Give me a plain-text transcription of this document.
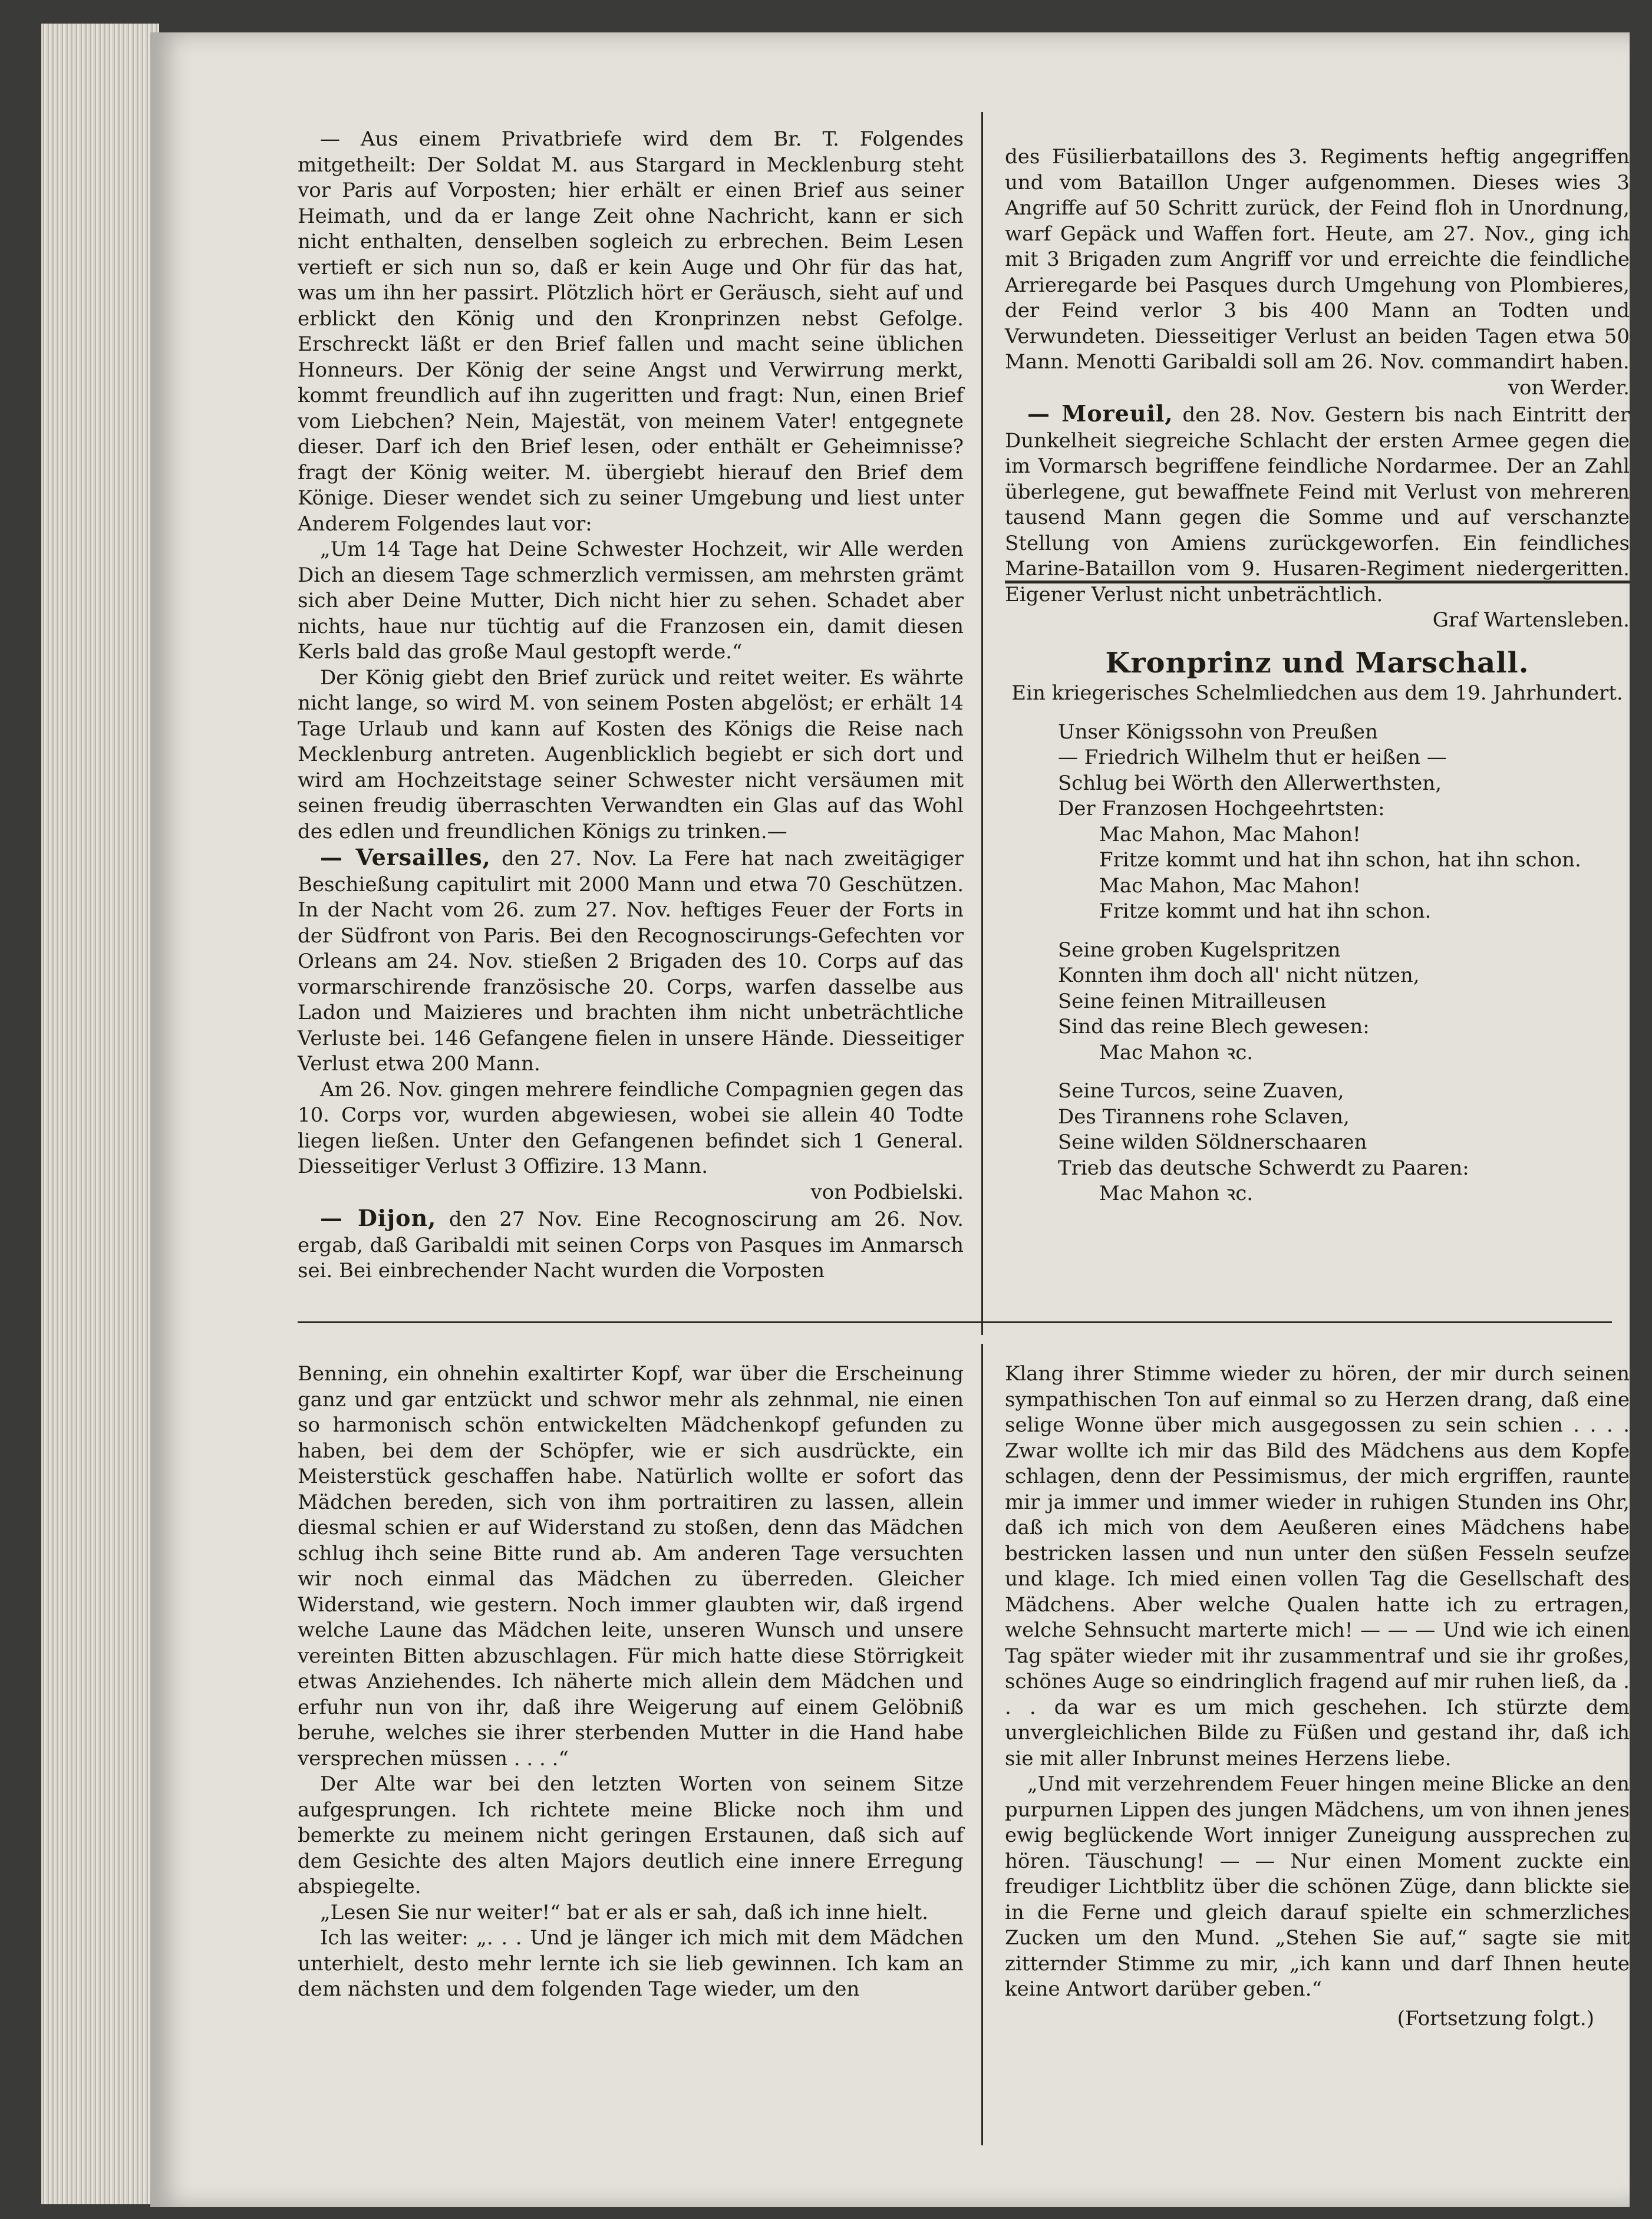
— Aus einem Privatbriefe wird dem Br. T. Folgendes mitgetheilt: Der Soldat M. aus Stargard in Mecklenburg steht vor Paris auf Vorposten; hier erhält er einen Brief aus seiner Heimath, und da er lange Zeit ohne Nachricht, kann er sich nicht enthalten, denselben sogleich zu erbrechen. Beim Lesen vertieft er sich nun so, daß er kein Auge und Ohr für das hat, was um ihn her passirt. Plötzlich hört er Geräusch, sieht auf und erblickt den König und den Kronprinzen nebst Gefolge. Erschreckt läßt er den Brief fallen und macht seine üblichen Honneurs. Der König der seine Angst und Verwirrung merkt, kommt freundlich auf ihn zugeritten und fragt: Nun, einen Brief vom Liebchen? Nein, Majestät, von meinem Vater! entgegnete dieser. Darf ich den Brief lesen, oder enthält er Geheimnisse? fragt der König weiter. M. übergiebt hierauf den Brief dem Könige. Dieser wendet sich zu seiner Umgebung und liest unter Anderem Folgendes laut vor:

„Um 14 Tage hat Deine Schwester Hochzeit, wir Alle werden Dich an diesem Tage schmerzlich vermissen, am mehrsten grämt sich aber Deine Mutter, Dich nicht hier zu sehen. Schadet aber nichts, haue nur tüchtig auf die Franzosen ein, damit diesen Kerls bald das große Maul gestopft werde.“

Der König giebt den Brief zurück und reitet weiter. Es währte nicht lange, so wird M. von seinem Posten abgelöst; er erhält 14 Tage Urlaub und kann auf Kosten des Königs die Reise nach Mecklenburg antreten. Augenblicklich begiebt er sich dort und wird am Hochzeitstage seiner Schwester nicht versäumen mit seinen freudig überraschten Verwandten ein Glas auf das Wohl des edlen und freundlichen Königs zu trinken.—

— Versailles, den 27. Nov. La Fere hat nach zweitägiger Beschießung capitulirt mit 2000 Mann und etwa 70 Geschützen. In der Nacht vom 26. zum 27. Nov. heftiges Feuer der Forts in der Südfront von Paris. Bei den Recognoscirungs-Gefechten vor Orleans am 24. Nov. stießen 2 Brigaden des 10. Corps auf das vormarschirende französische 20. Corps, warfen dasselbe aus Ladon und Maizieres und brachten ihm nicht unbeträchtliche Verluste bei. 146 Gefangene fielen in unsere Hände. Diesseitiger Verlust etwa 200 Mann.

Am 26. Nov. gingen mehrere feindliche Compagnien gegen das 10. Corps vor, wurden abgewiesen, wobei sie allein 40 Todte liegen ließen. Unter den Gefangenen befindet sich 1 General. Diesseitiger Verlust 3 Offizire. 13 Mann.

von Podbielski.

— Dijon, den 27 Nov. Eine Recognoscirung am 26. Nov. ergab, daß Garibaldi mit seinen Corps von Pasques im Anmarsch sei. Bei einbrechender Nacht wurden die Vorposten

des Füsilierbataillons des 3. Regiments heftig angegriffen und vom Bataillon Unger aufgenommen. Dieses wies 3 Angriffe auf 50 Schritt zurück, der Feind floh in Unordnung, warf Gepäck und Waffen fort. Heute, am 27. Nov., ging ich mit 3 Brigaden zum Angriff vor und erreichte die feindliche Arrieregarde bei Pasques durch Umgehung von Plombieres, der Feind verlor 3 bis 400 Mann an Todten und Verwundeten. Diesseitiger Verlust an beiden Tagen etwa 50 Mann. Menotti Garibaldi soll am 26. Nov. commandirt haben.

von Werder.

— Moreuil, den 28. Nov. Gestern bis nach Eintritt der Dunkelheit siegreiche Schlacht der ersten Armee gegen die im Vormarsch begriffene feindliche Nordarmee. Der an Zahl überlegene, gut bewaffnete Feind mit Verlust von mehreren tausend Mann gegen die Somme und auf verschanzte Stellung von Amiens zurückgeworfen. Ein feindliches Marine-Bataillon vom 9. Husaren-Regiment niedergeritten. Eigener Verlust nicht unbeträchtlich.

Graf Wartensleben.
Kronprinz und Marschall.

Ein kriegerisches Schelmliedchen aus dem 19. Jahrhundert.

Unser Königssohn von Preußen
— Friedrich Wilhelm thut er heißen —
Schlug bei Wörth den Allerwerthsten,
Der Franzosen Hochgeehrtsten:
Mac Mahon, Mac Mahon!
Fritze kommt und hat ihn schon, hat ihn schon.
Mac Mahon, Mac Mahon!
Fritze kommt und hat ihn schon.
Seine groben Kugelspritzen
Konnten ihm doch all' nicht nützen,
Seine feinen Mitrailleusen
Sind das reine Blech gewesen:
Mac Mahon ꝛc.
Seine Turcos, seine Zuaven,
Des Tirannens rohe Sclaven,
Seine wilden Söldnerschaaren
Trieb das deutsche Schwerdt zu Paaren:
Mac Mahon ꝛc.

Benning, ein ohnehin exaltirter Kopf, war über die Erscheinung ganz und gar entzückt und schwor mehr als zehnmal, nie einen so harmonisch schön entwickelten Mädchenkopf gefunden zu haben, bei dem der Schöpfer, wie er sich ausdrückte, ein Meisterstück geschaffen habe. Natürlich wollte er sofort das Mädchen bereden, sich von ihm portraitiren zu lassen, allein diesmal schien er auf Widerstand zu stoßen, denn das Mädchen schlug ihch seine Bitte rund ab. Am anderen Tage versuchten wir noch einmal das Mädchen zu überreden. Gleicher Widerstand, wie gestern. Noch immer glaubten wir, daß irgend welche Laune das Mädchen leite, unseren Wunsch und unsere vereinten Bitten abzuschlagen. Für mich hatte diese Störrigkeit etwas Anziehendes. Ich näherte mich allein dem Mädchen und erfuhr nun von ihr, daß ihre Weigerung auf einem Gelöbniß beruhe, welches sie ihrer sterbenden Mutter in die Hand habe versprechen müssen . . . .“

Der Alte war bei den letzten Worten von seinem Sitze aufgesprungen. Ich richtete meine Blicke noch ihm und bemerkte zu meinem nicht geringen Erstaunen, daß sich auf dem Gesichte des alten Majors deutlich eine innere Erregung abspiegelte.

„Lesen Sie nur weiter!“ bat er als er sah, daß ich inne hielt.

Ich las weiter: „. . . Und je länger ich mich mit dem Mädchen unterhielt, desto mehr lernte ich sie lieb gewinnen. Ich kam an dem nächsten und dem folgenden Tage wieder, um den

Klang ihrer Stimme wieder zu hören, der mir durch seinen sympathischen Ton auf einmal so zu Herzen drang, daß eine selige Wonne über mich ausgegossen zu sein schien . . . . Zwar wollte ich mir das Bild des Mädchens aus dem Kopfe schlagen, denn der Pessimismus, der mich ergriffen, raunte mir ja immer und immer wieder in ruhigen Stunden ins Ohr, daß ich mich von dem Aeußeren eines Mädchens habe bestricken lassen und nun unter den süßen Fesseln seufze und klage. Ich mied einen vollen Tag die Gesellschaft des Mädchens. Aber welche Qualen hatte ich zu ertragen, welche Sehnsucht marterte mich! — — — Und wie ich einen Tag später wieder mit ihr zusammentraf und sie ihr großes, schönes Auge so eindringlich fragend auf mir ruhen ließ, da . . . da war es um mich geschehen. Ich stürzte dem unvergleichlichen Bilde zu Füßen und gestand ihr, daß ich sie mit aller Inbrunst meines Herzens liebe.

„Und mit verzehrendem Feuer hingen meine Blicke an den purpurnen Lippen des jungen Mädchens, um von ihnen jenes ewig beglückende Wort inniger Zuneigung aussprechen zu hören. Täuschung! — — Nur einen Moment zuckte ein freudiger Lichtblitz über die schönen Züge, dann blickte sie in die Ferne und gleich darauf spielte ein schmerzliches Zucken um den Mund. „Stehen Sie auf,“ sagte sie mit zitternder Stimme zu mir, „ich kann und darf Ihnen heute keine Antwort darüber geben.“

(Fortsetzung folgt.)
